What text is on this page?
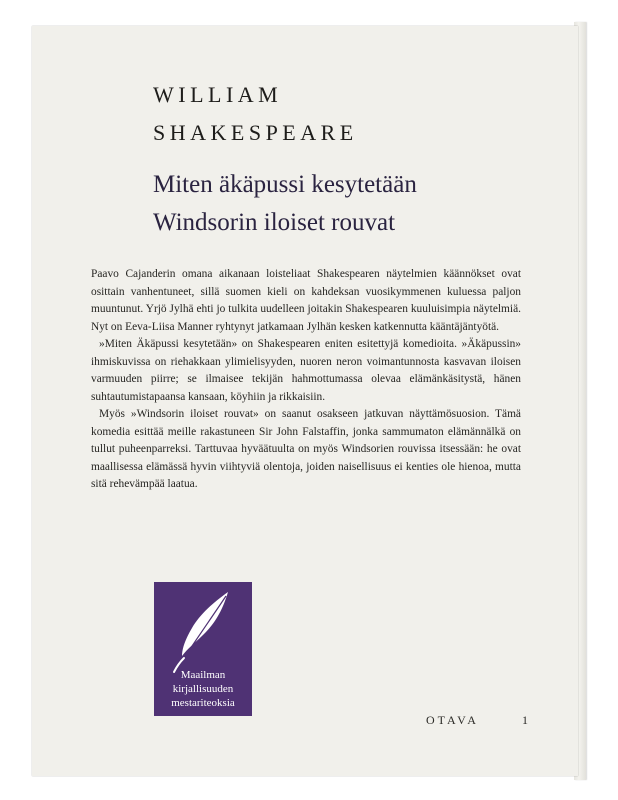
WILLIAM
SHAKESPEARE
Miten äkäpussi kesytetään
Windsorin iloiset rouvat

Paavo Cajanderin omana aikanaan loisteliaat Shakespearen näytelmien käännökset ovat osittain vanhentuneet, sillä suomen kieli on kahdeksan vuosikymmenen kuluessa paljon muuntunut. Yrjö Jylhä ehti jo tulkita uudelleen joitakin Shakespearen kuuluisimpia näytelmiä. Nyt on Eeva-Liisa Manner ryhtynyt jatkamaan Jylhän kesken katkennutta kääntäjäntyötä.

»Miten Äkäpussi kesytetään» on Shakespearen eniten esitettyjä komedioita. »Äkäpussin» ihmiskuvissa on riehakkaan ylimielisyyden, nuoren neron voimantunnosta kasvavan iloisen varmuuden piirre; se ilmaisee tekijän hahmottumassa olevaa elämänkäsitystä, hänen suhtautumistapaansa kansaan, köyhiin ja rikkaisiin.

Myös »Windsorin iloiset rouvat» on saanut osakseen jatkuvan näyttämösuosion. Tämä komedia esittää meille rakastuneen Sir John Falstaffin, jonka sammumaton elämännälkä on tullut puheenparreksi. Tarttuvaa hyväätuulta on myös Windsorien rouvissa itsessään: he ovat maallisessa elämässä hyvin viihtyviä olentoja, joiden naisellisuus ei kenties ole hienoa, mutta sitä rehevämpää laatua.

Maailman
kirjallisuuden
mestariteoksia
OTAVA	1
